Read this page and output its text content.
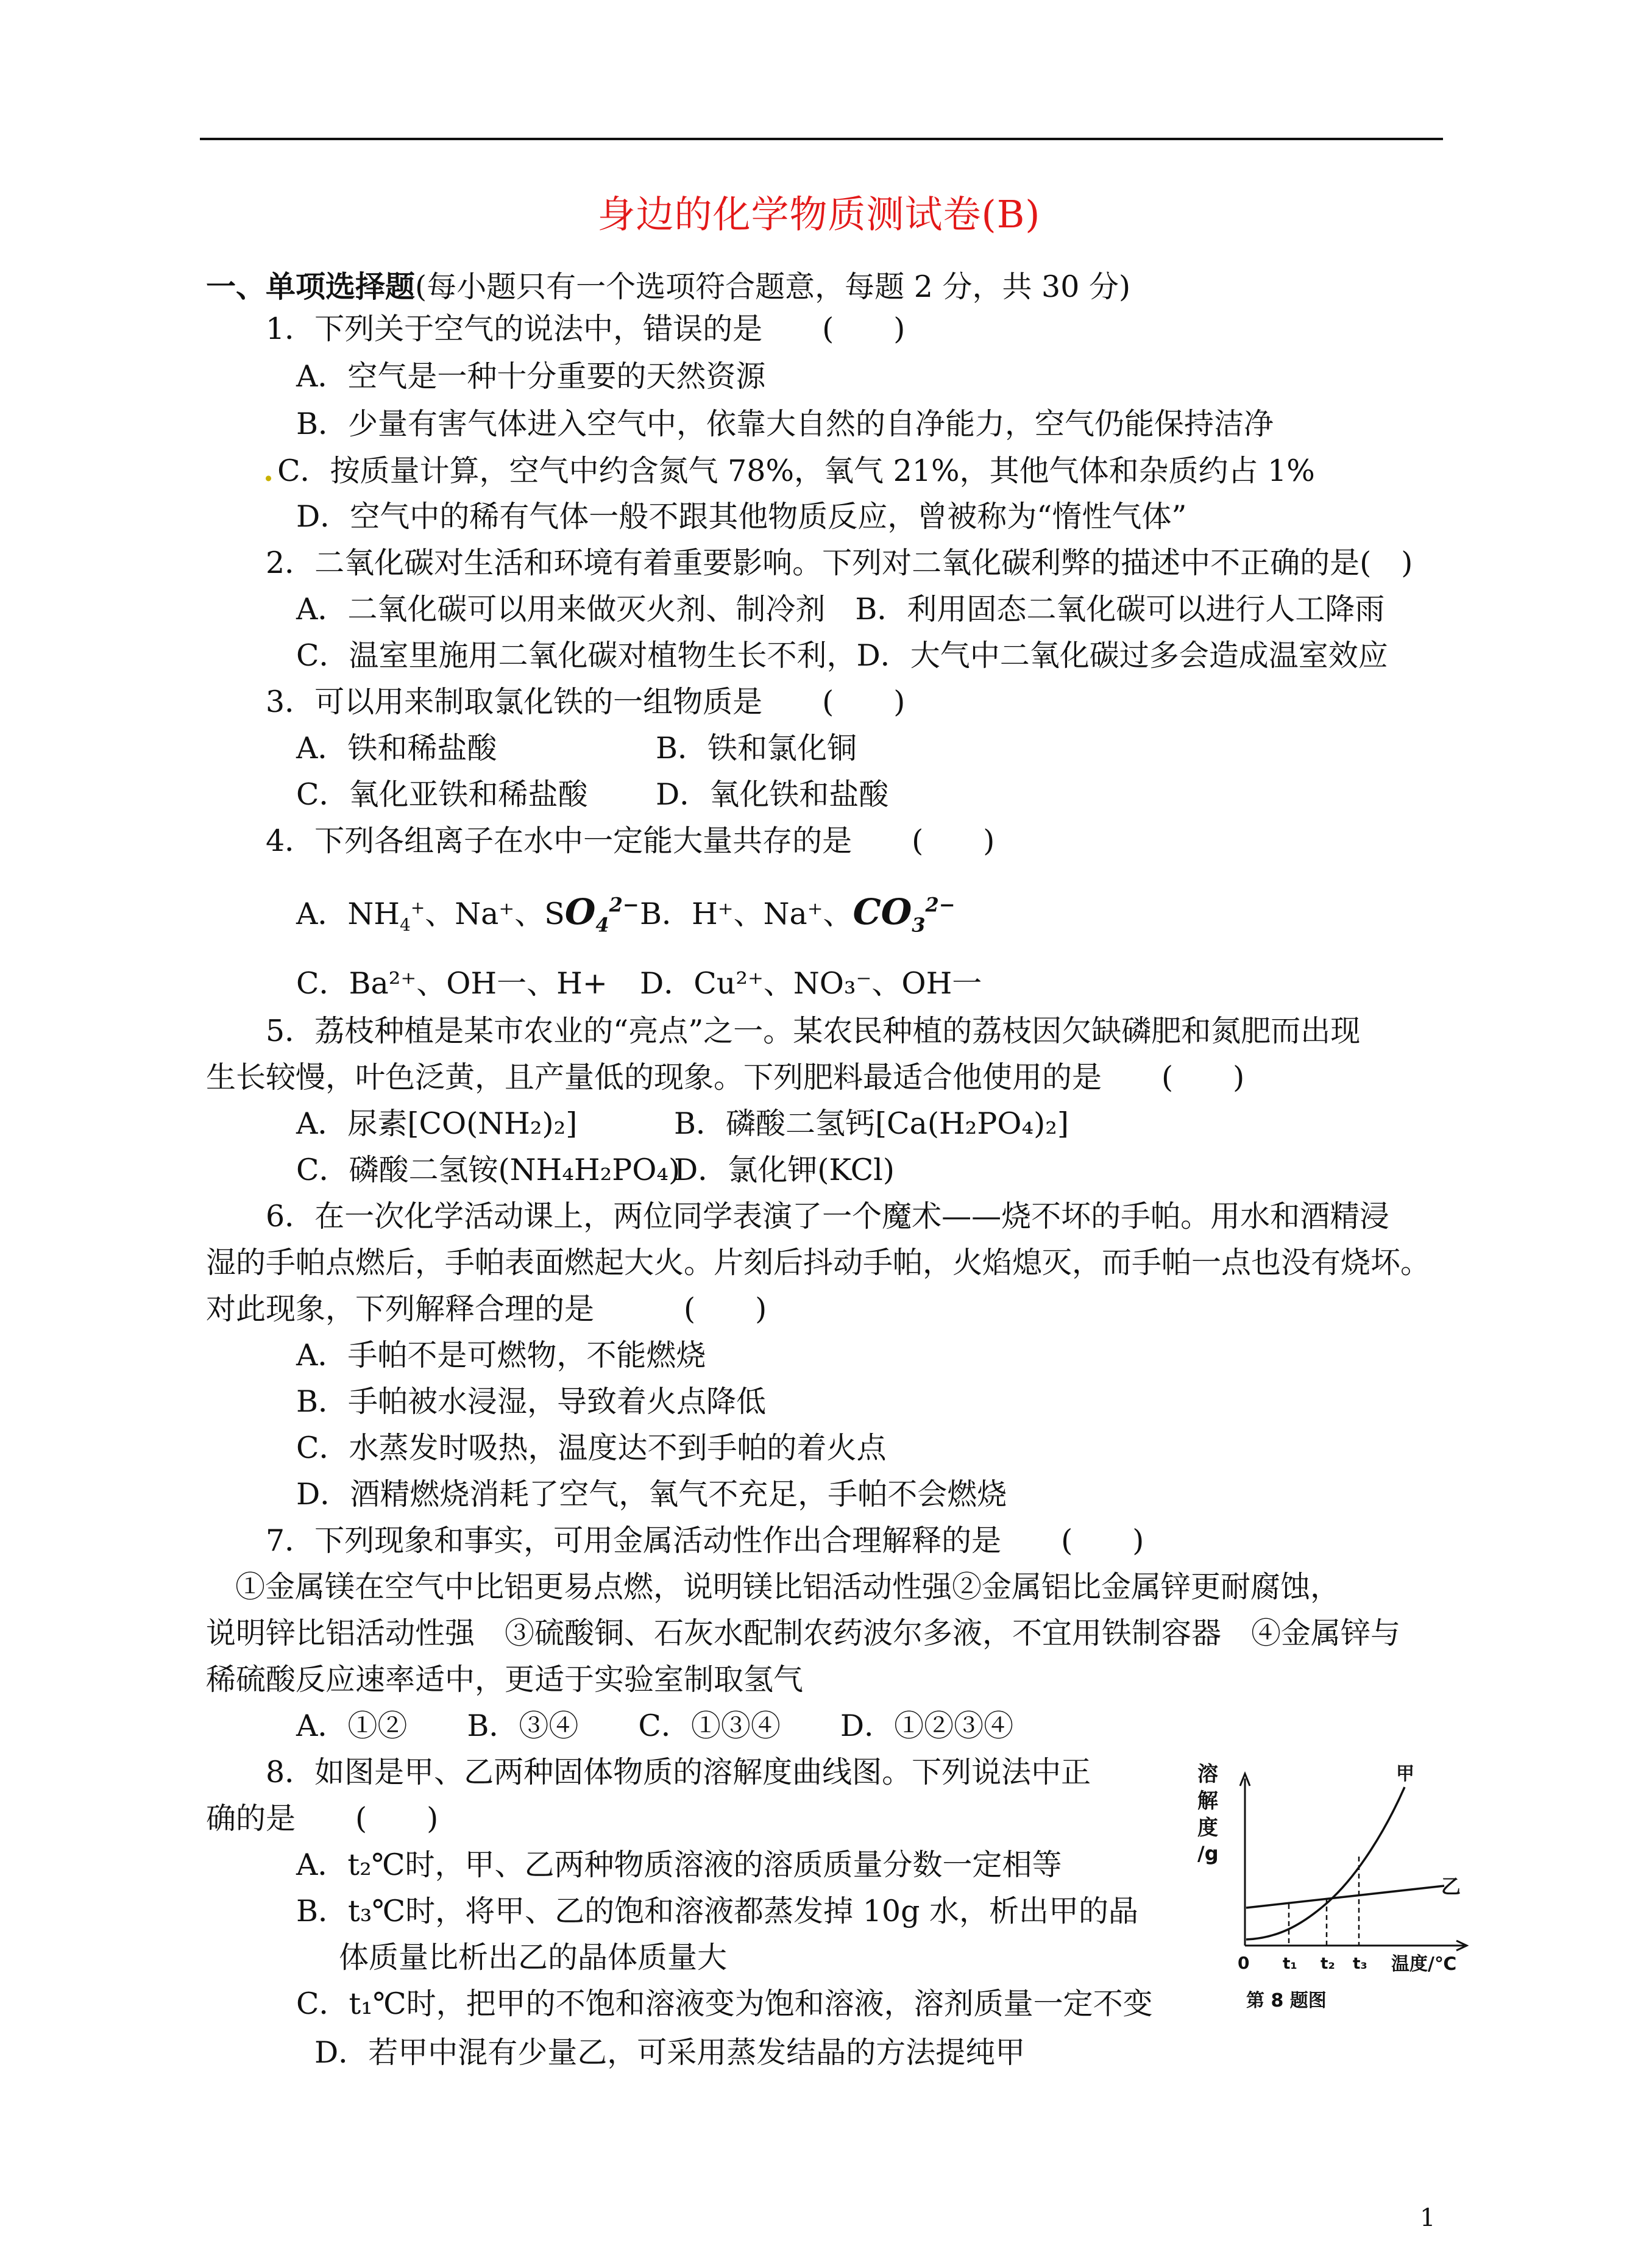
身边的化学物质测试卷(B)
一、单项选择题(每小题只有一个选项符合题意，每题 2 分，共 30 分)
1．下列关于空气的说法中，错误的是　　(　　)
A．空气是一种十分重要的天然资源
B．少量有害气体进入空气中，依靠大自然的自净能力，空气仍能保持洁净
. C．按质量计算，空气中约含氮气 78%，氧气 21%，其他气体和杂质约占 1%
D．空气中的稀有气体一般不跟其他物质反应，曾被称为“惰性气体”
2．二氧化碳对生活和环境有着重要影响。下列对二氧化碳利弊的描述中不正确的是(　)
A．二氧化碳可以用来做灭火剂、制冷剂　B．利用固态二氧化碳可以进行人工降雨
C．温室里施用二氧化碳对植物生长不利，D．大气中二氧化碳过多会造成温室效应
3．可以用来制取氯化铁的一组物质是　　(　　)
A．铁和稀盐酸	B．铁和氯化铜
C．氧化亚铁和稀盐酸 D．氧化铁和盐酸
4．下列各组离子在水中一定能大量共存的是　　(　　)
A．$NH_4^+$、Na⁺、$SO_4^{2-}$ B．H⁺、Na⁺、$CO_3^{2-}$
C．Ba²⁺、OH一、H+ D．Cu²⁺、NO₃⁻、OH一
5．荔枝种植是某市农业的“亮点”之一。某农民种植的荔枝因欠缺磷肥和氮肥而出现
生长较慢，叶色泛黄，且产量低的现象。下列肥料最适合他使用的是　　(　　)
A．尿素[CO(NH₂)₂]	B．磷酸二氢钙[Ca(H₂PO₄)₂]
C．磷酸二氢铵(NH₄H₂PO₄)
D．氯化钾(KCl)
6．在一次化学活动课上，两位同学表演了一个魔术——烧不坏的手帕。用水和酒精浸
湿的手帕点燃后，手帕表面燃起大火。片刻后抖动手帕，火焰熄灭，而手帕一点也没有烧坏。
对此现象，下列解释合理的是　　　(　　)
A．手帕不是可燃物，不能燃烧
B．手帕被水浸湿，导致着火点降低
C．水蒸发时吸热，温度达不到手帕的着火点
D．酒精燃烧消耗了空气，氧气不充足，手帕不会燃烧
7．下列现象和事实，可用金属活动性作出合理解释的是　　(　　)
①金属镁在空气中比铝更易点燃，说明镁比铝活动性强②金属铝比金属锌更耐腐蚀，
说明锌比铝活动性强　③硫酸铜、石灰水配制农药波尔多液，不宜用铁制容器　④金属锌与
稀硫酸反应速率适中，更适于实验室制取氢气
A．①②　　B．③④　　C．①③④　　D．①②③④
8．如图是甲、乙两种固体物质的溶解度曲线图。下列说法中正
确的是　　(　　)
A．t₂℃时，甲、乙两种物质溶液的溶质质量分数一定相等
B．t₃℃时，将甲、乙的饱和溶液都蒸发掉 10g 水，析出甲的晶
体质量比析出乙的晶体质量大
C．t₁℃时，把甲的不饱和溶液变为饱和溶液，溶剂质量一定不变
D．若甲中混有少量乙，可采用蒸发结晶的方法提纯甲
溶
解
度
/g
甲
乙
0 t₁ t₂ t₃ 温度/℃
第 8 题图
1
